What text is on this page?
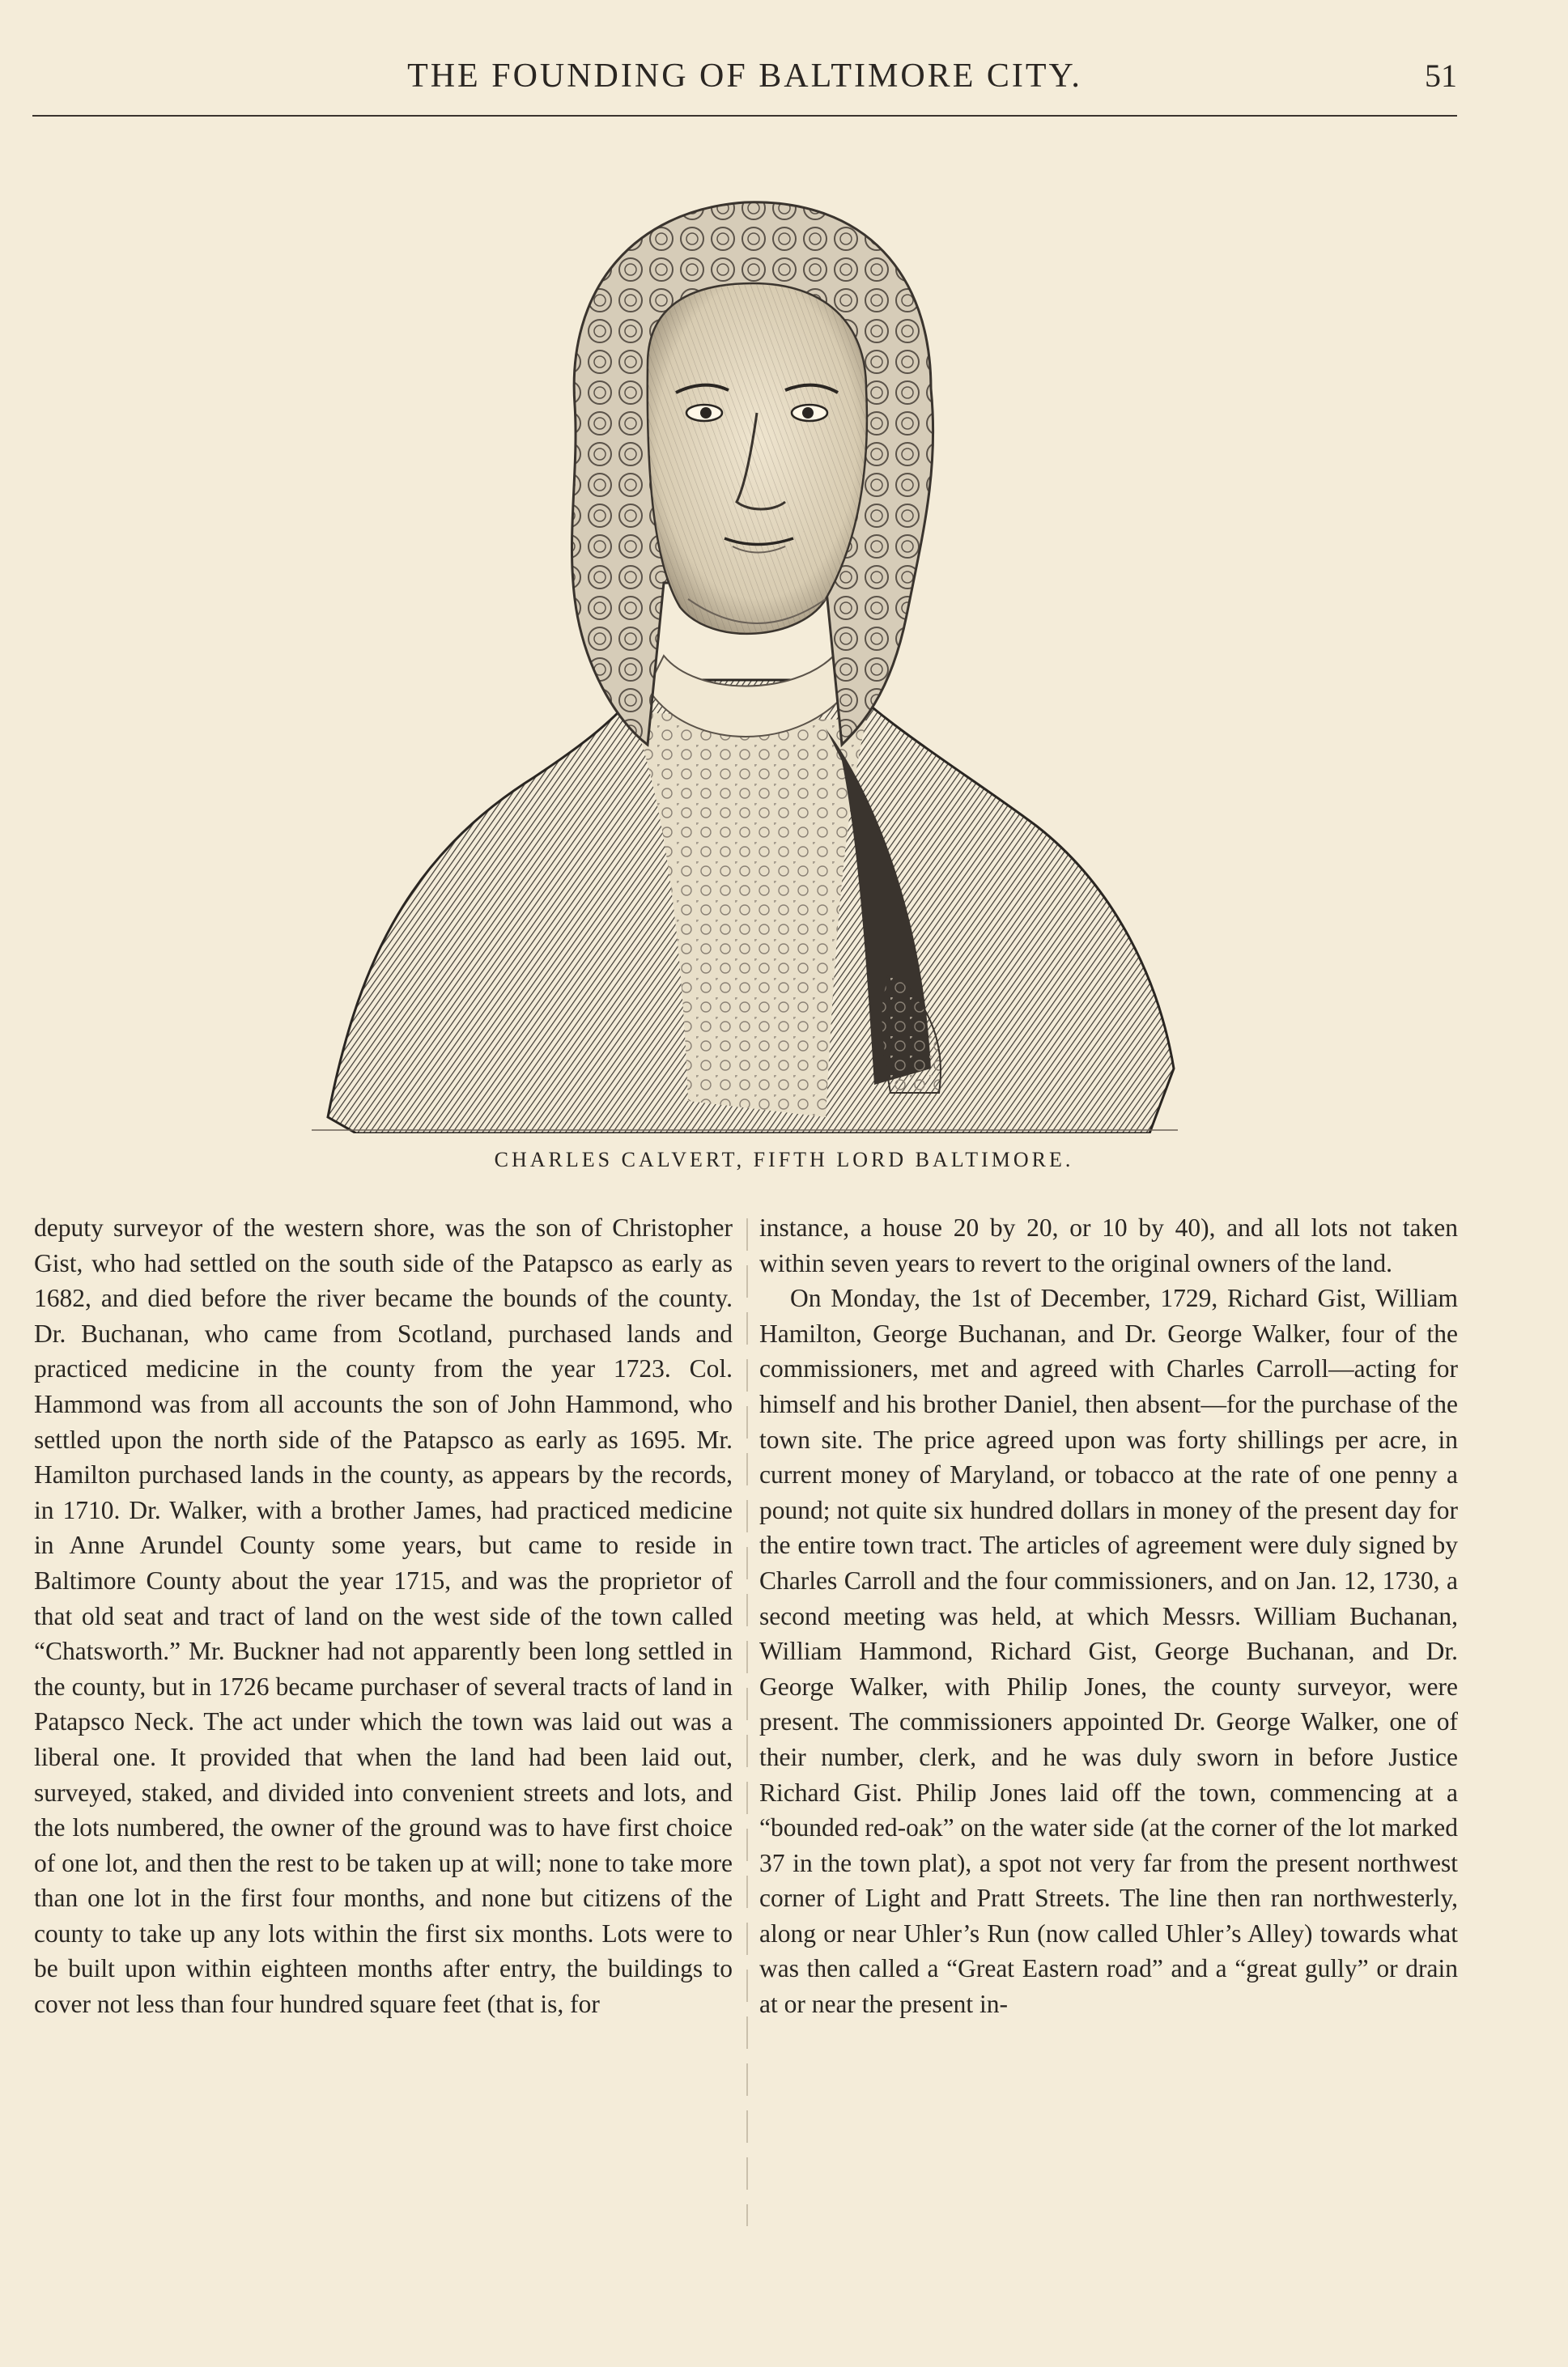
THE FOUNDING OF BALTIMORE CITY.	51
CHARLES CALVERT, FIFTH LORD BALTIMORE.

deputy surveyor of the western shore, was the son of Christopher Gist, who had settled on the south side of the Patapsco as early as 1682, and died before the river became the bounds of the county. Dr. Buchanan, who came from Scotland, purchased lands and practiced medicine in the county from the year 1723. Col. Hammond was from all accounts the son of John Hammond, who settled upon the north side of the Patapsco as early as 1695. Mr. Hamilton purchased lands in the county, as appears by the records, in 1710. Dr. Walker, with a brother James, had practiced medicine in Anne Arundel County some years, but came to reside in Baltimore County about the year 1715, and was the proprietor of that old seat and tract of land on the west side of the town called “Chatsworth.” Mr. Buckner had not apparently been long settled in the county, but in 1726 became purchaser of several tracts of land in Patapsco Neck. The act under which the town was laid out was a liberal one. It provided that when the land had been laid out, surveyed, staked, and divided into convenient streets and lots, and the lots numbered, the owner of the ground was to have first choice of one lot, and then the rest to be taken up at will; none to take more than one lot in the first four months, and none but citizens of the county to take up any lots within the first six months. Lots were to be built upon within eighteen months after entry, the buildings to cover not less than four hundred square feet (that is, for

instance, a house 20 by 20, or 10 by 40), and all lots not taken within seven years to revert to the original owners of the land.

On Monday, the 1st of December, 1729, Richard Gist, William Hamilton, George Buchanan, and Dr. George Walker, four of the commissioners, met and agreed with Charles Carroll—acting for himself and his brother Daniel, then absent—for the purchase of the town site. The price agreed upon was forty shillings per acre, in current money of Maryland, or tobacco at the rate of one penny a pound; not quite six hundred dollars in money of the present day for the entire town tract. The articles of agreement were duly signed by Charles Carroll and the four commissioners, and on Jan. 12, 1730, a second meeting was held, at which Messrs. William Buchanan, William Hammond, Richard Gist, George Buchanan, and Dr. George Walker, with Philip Jones, the county surveyor, were present. The commissioners appointed Dr. George Walker, one of their number, clerk, and he was duly sworn in before Justice Richard Gist. Philip Jones laid off the town, commencing at a “bounded red-oak” on the water side (at the corner of the lot marked 37 in the town plat), a spot not very far from the present northwest corner of Light and Pratt Streets. The line then ran northwesterly, along or near Uhler’s Run (now called Uhler’s Alley) towards what was then called a “Great Eastern road” and a “great gully” or drain at or near the present in-
